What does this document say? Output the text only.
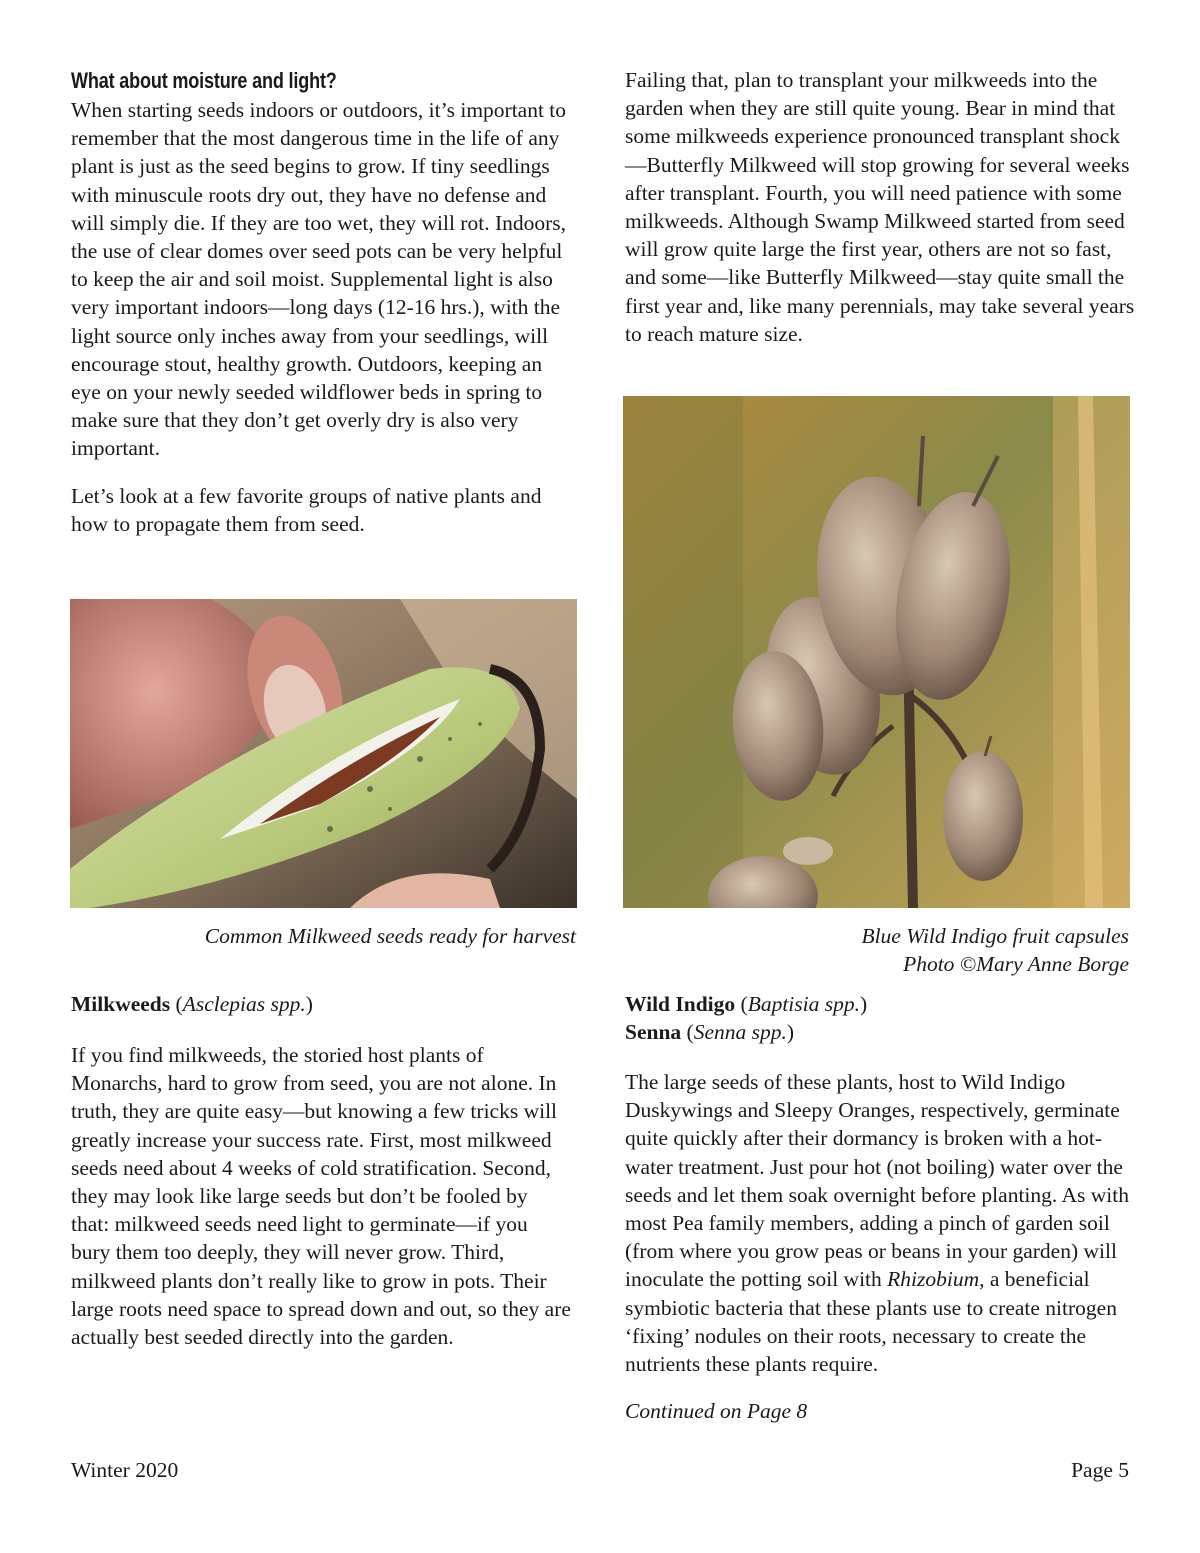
What about moisture and light?

When starting seeds indoors or outdoors, it’s important to remember that the most dangerous time in the life of any plant is just as the seed begins to grow. If tiny seedlings with minuscule roots dry out, they have no defense and will simply die. If they are too wet, they will rot. Indoors, the use of clear domes over seed pots can be very helpful to keep the air and soil moist. Supplemental light is also very important indoors—long days (12-16 hrs.), with the light source only inches away from your seedlings, will encourage stout, healthy growth. Outdoors, keeping an eye on your newly seeded wildflower beds in spring to make sure that they don’t get overly dry is also very important.

Let’s look at a few favorite groups of native plants and how to propagate them from seed.

Common Milkweed seeds ready for harvest
Milkweeds (Asclepias spp.)

If you find milkweeds, the storied host plants of Monarchs, hard to grow from seed, you are not alone. In truth, they are quite easy—but knowing a few tricks will greatly increase your success rate. First, most milkweed seeds need about 4 weeks of cold stratification. Second, they may look like large seeds but don’t be fooled by that: milkweed seeds need light to germinate—if you bury them too deeply, they will never grow. Third, milkweed plants don’t really like to grow in pots. Their large roots need space to spread down and out, so they are actually best seeded directly into the garden.

Failing that, plan to transplant your milkweeds into the garden when they are still quite young. Bear in mind that some milkweeds experience pronounced transplant shock—Butterfly Milkweed will stop growing for several weeks after transplant. Fourth, you will need patience with some milkweeds. Although Swamp Milkweed started from seed will grow quite large the first year, others are not so fast, and some—like Butterfly Milkweed—stay quite small the first year and, like many perennials, may take several years to reach mature size.

Blue Wild Indigo fruit capsules
Photo ©Mary Anne Borge
Wild Indigo (Baptisia spp.)
Senna (Senna spp.)

The large seeds of these plants, host to Wild Indigo Duskywings and Sleepy Oranges, respectively, germinate quite quickly after their dormancy is broken with a hot-water treatment. Just pour hot (not boiling) water over the seeds and let them soak overnight before planting. As with most Pea family members, adding a pinch of garden soil (from where you grow peas or beans in your garden) will inoculate the potting soil with Rhizobium, a beneficial symbiotic bacteria that these plants use to create nitrogen ‘fixing’ nodules on their roots, necessary to create the nutrients these plants require.

Continued on Page 8

Winter 2020	Page 5
